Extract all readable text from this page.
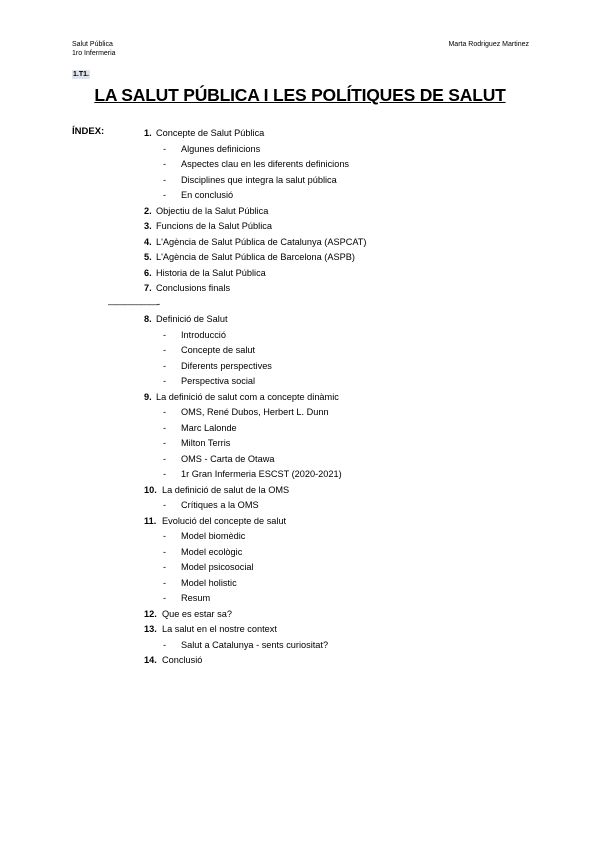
Salut Pública
1ro Infermeria
Marta Rodriguez Martinez
1.T1.
LA SALUT PÚBLICA I LES POLÍTIQUES DE SALUT
ÍNDEX:	1. Concepte de Salut Pública
- Algunes definicions
- Aspectes clau en les diferents definicions
- Disciplines que integra la salut pública
- En conclusió
2. Objectiu de la Salut Pública
3. Funcions de la Salut Pública
4. L'Agència de Salut Pública de Catalunya (ASPCAT)
5. L'Agència de Salut Pública de Barcelona (ASPB)
6. Historia de la Salut Pública
7. Conclusions finals
——————-
8. Definició de Salut
- Introducció
- Concepte de salut
- Diferents perspectives
- Perspectiva social
9. La definició de salut com a concepte dinàmic
- OMS, René Dubos, Herbert L. Dunn
- Marc Lalonde
- Milton Terris
- OMS - Carta de Otawa
- 1r Gran Infermeria ESCST (2020-2021)
10. La definició de salut de la OMS
- Crítiques a la OMS
11. Evolució del concepte de salut
- Model biomèdic
- Model ecològic
- Model psicosocial
- Model holistic
- Resum
12. Que es estar sa?
13. La salut en el nostre context
- Salut a Catalunya - sents curiositat?
14. Conclusió
